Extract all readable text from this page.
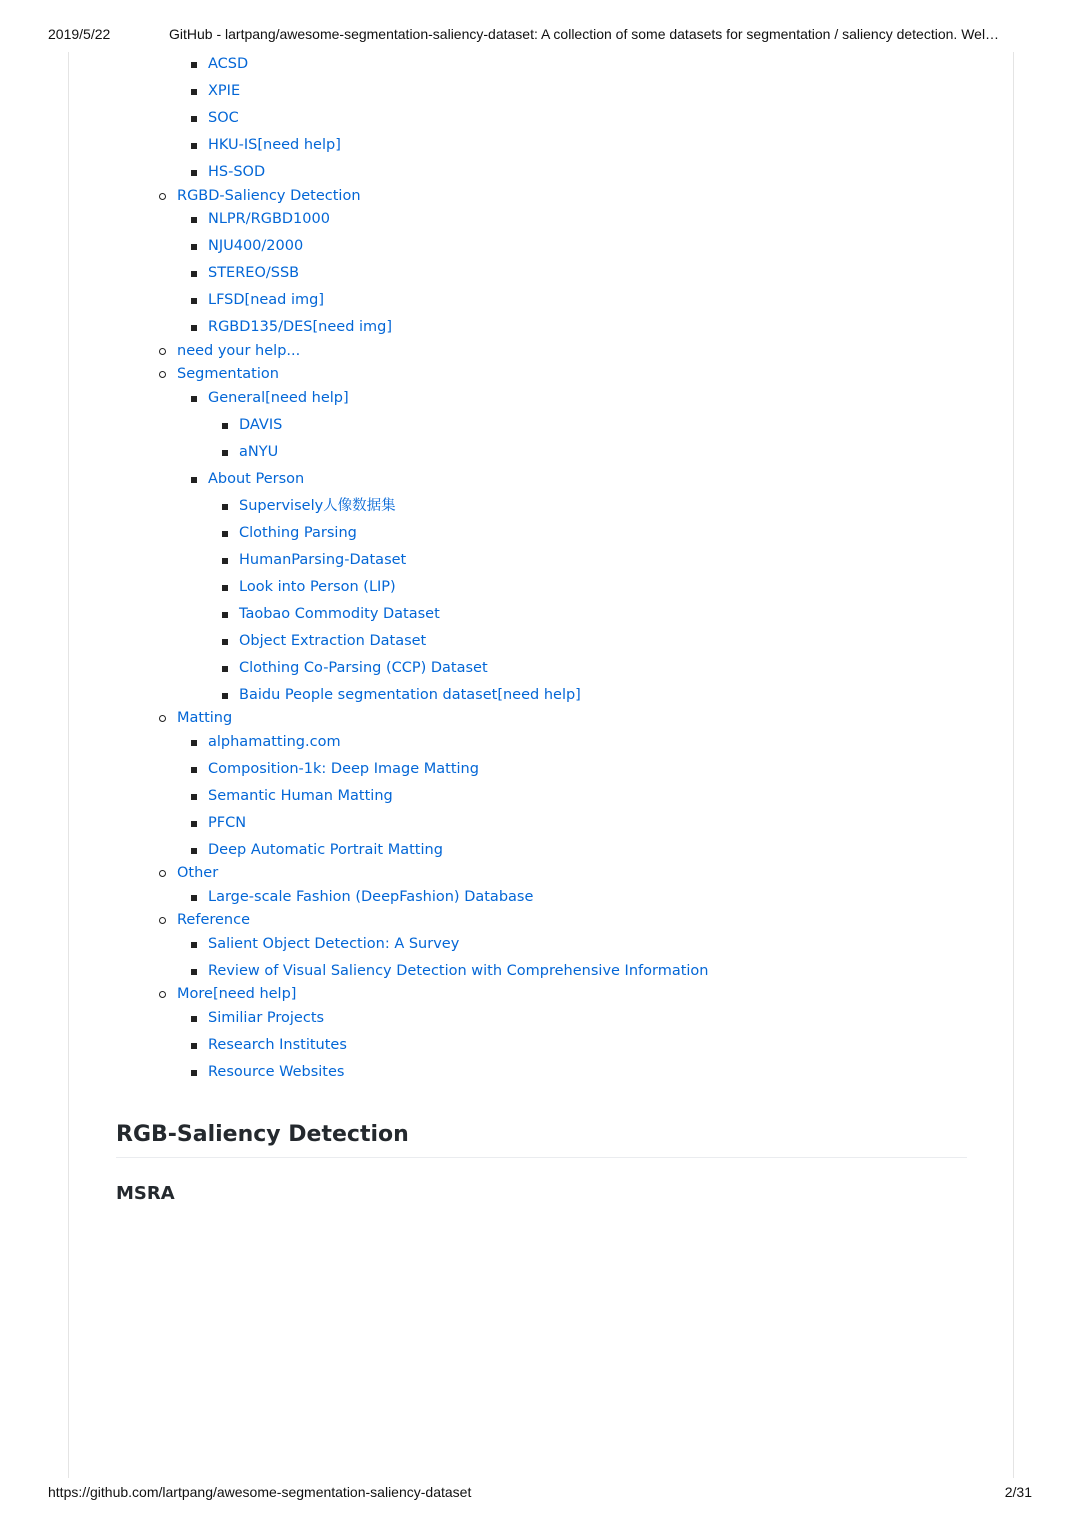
2019/5/22	GitHub - lartpang/awesome-segmentation-saliency-dataset: A collection of some datasets for segmentation / saliency detection. Wel…
ACSD
XPIE
SOC
HKU-IS[need help]
HS-SOD
RGBD-Saliency Detection
NLPR/RGBD1000
NJU400/2000
STEREO/SSB
LFSD[nead img]
RGBD135/DES[need img]
need your help...
Segmentation
General[need help]
DAVIS
aNYU
About Person
Supervisely人像数据集
Clothing Parsing
HumanParsing-Dataset
Look into Person (LIP)
Taobao Commodity Dataset
Object Extraction Dataset
Clothing Co-Parsing (CCP) Dataset
Baidu People segmentation dataset[need help]
Matting
alphamatting.com
Composition-1k: Deep Image Matting
Semantic Human Matting
PFCN
Deep Automatic Portrait Matting
Other
Large-scale Fashion (DeepFashion) Database
Reference
Salient Object Detection: A Survey
Review of Visual Saliency Detection with Comprehensive Information
More[need help]
Similiar Projects
Research Institutes
Resource Websites
RGB-Saliency Detection
MSRA
https://github.com/lartpang/awesome-segmentation-saliency-dataset	2/31
